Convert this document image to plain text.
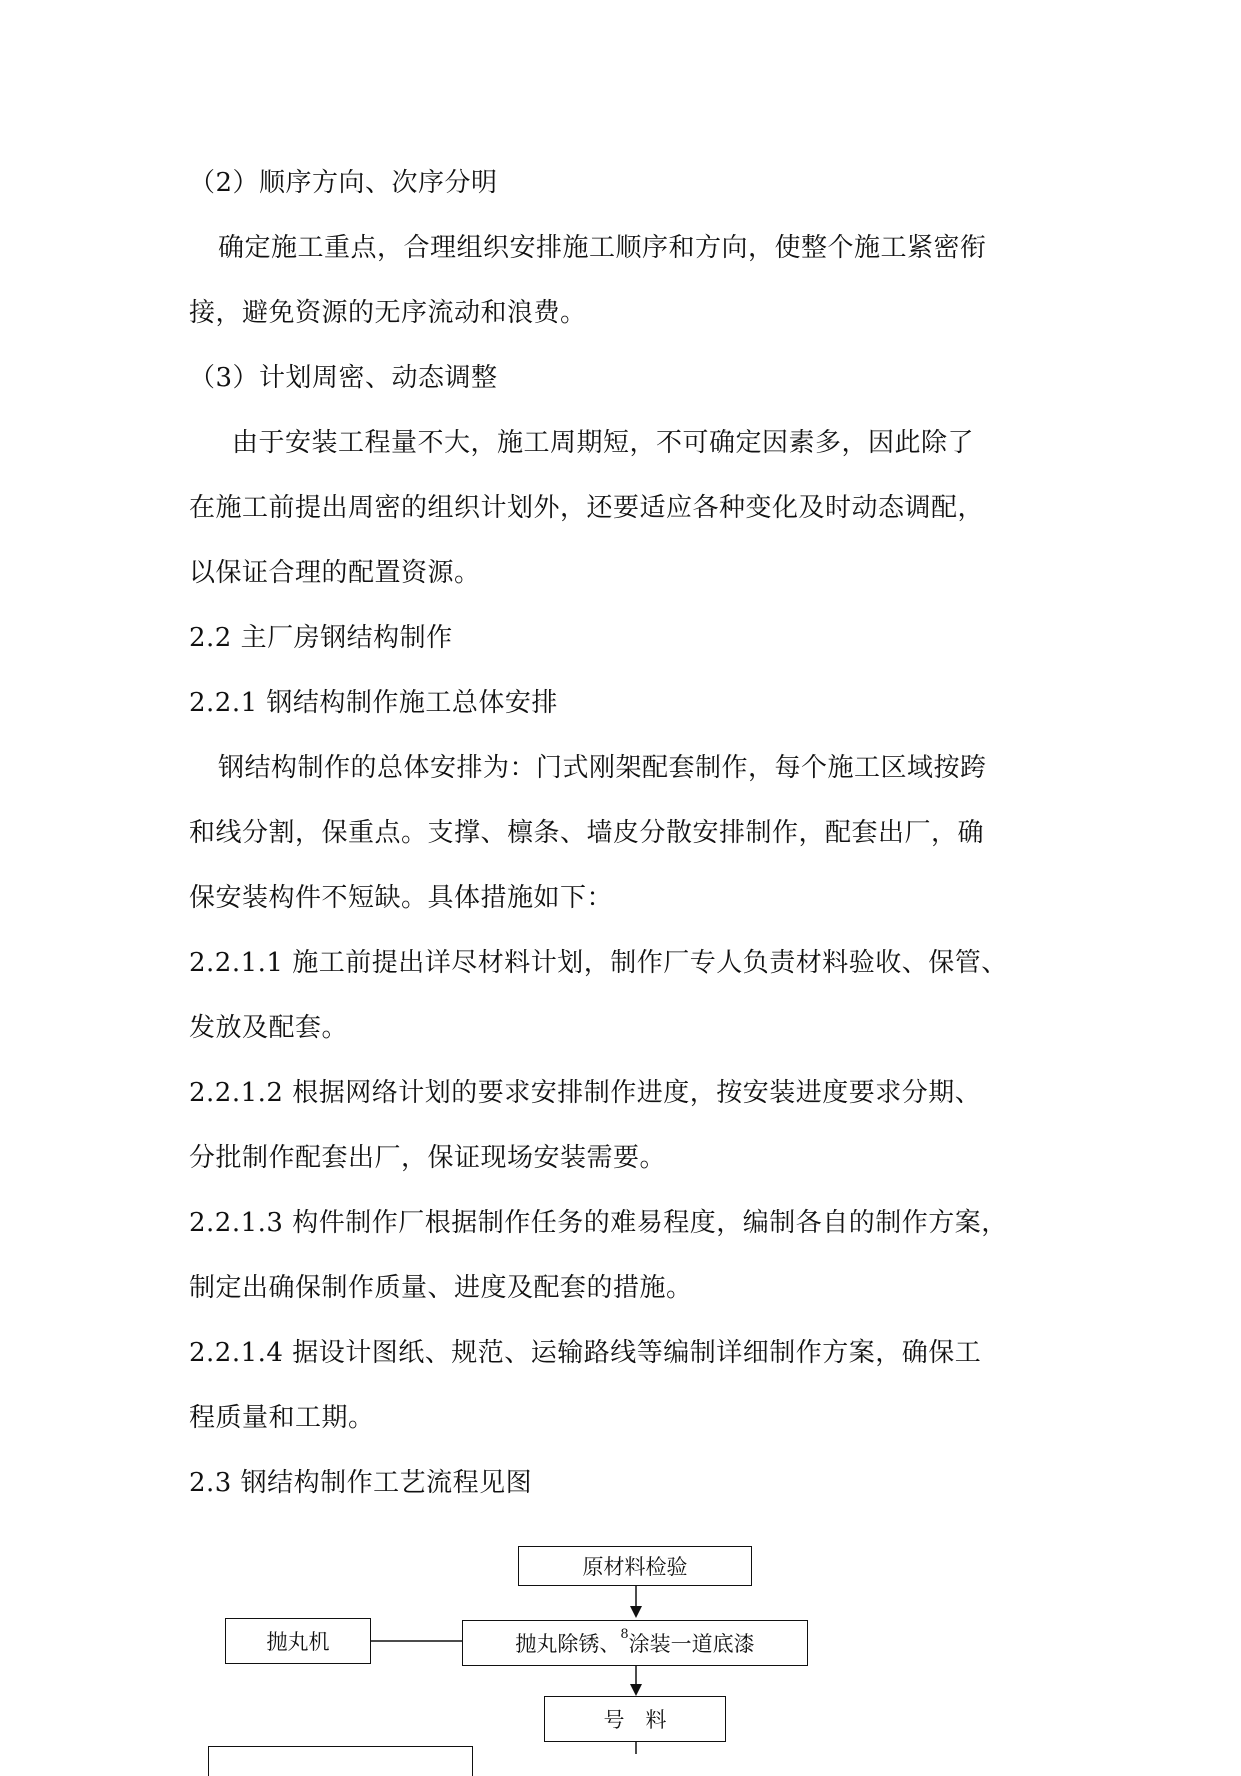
（2）顺序方向、次序分明
确定施工重点，合理组织安排施工顺序和方向，使整个施工紧密衔
接，避免资源的无序流动和浪费。
（3）计划周密、动态调整
由于安装工程量不大，施工周期短，不可确定因素多，因此除了
在施工前提出周密的组织计划外，还要适应各种变化及时动态调配，
以保证合理的配置资源。
2.2 主厂房钢结构制作
2.2.1 钢结构制作施工总体安排
钢结构制作的总体安排为：门式刚架配套制作，每个施工区域按跨
和线分割，保重点。支撑、檩条、墙皮分散安排制作，配套出厂，确
保安装构件不短缺。具体措施如下：
2.2.1.1 施工前提出详尽材料计划，制作厂专人负责材料验收、保管、
发放及配套。
2.2.1.2 根据网络计划的要求安排制作进度，按安装进度要求分期、
分批制作配套出厂，保证现场安装需要。
2.2.1.3 构件制作厂根据制作任务的难易程度，编制各自的制作方案，
制定出确保制作质量、进度及配套的措施。
2.2.1.4 据设计图纸、规范、运输路线等编制详细制作方案，确保工
程质量和工期。
2.3 钢结构制作工艺流程见图
原材料检验
抛丸机	抛丸除锈、 8 涂装一道底漆
号　料
